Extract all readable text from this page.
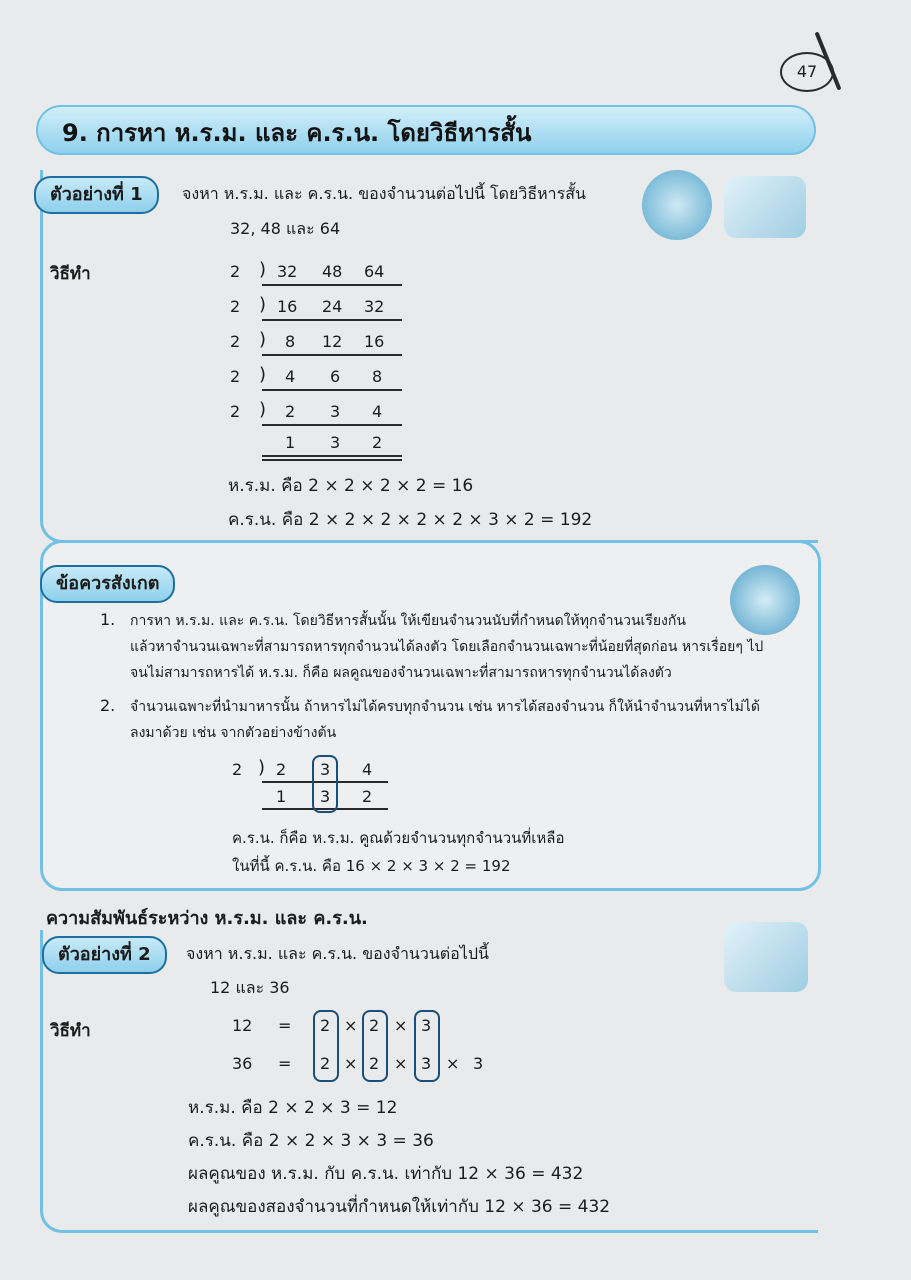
47
9. การหา ห.ร.ม. และ ค.ร.น. โดยวิธีหารสั้น
ตัวอย่างที่ 1	จงหา ห.ร.ม. และ ค.ร.น. ของจำนวนต่อไปนี้ โดยวิธีหารสั้น
32, 48 และ 64
วิธีทำ	2 ) 32 48 64
2 ) 16 24 32
2 ) 8 12 16
2 ) 4 6 8
2 ) 2 3 4
1 3 2
ห.ร.ม. คือ 2 × 2 × 2 × 2 = 16
ค.ร.น. คือ 2 × 2 × 2 × 2 × 2 × 3 × 2 = 192
ข้อควรสังเกต
1. การหา ห.ร.ม. และ ค.ร.น. โดยวิธีหารสั้นนั้น ให้เขียนจำนวนนับที่กำหนดให้ทุกจำนวนเรียงกัน
แล้วหาจำนวนเฉพาะที่สามารถหารทุกจำนวนได้ลงตัว โดยเลือกจำนวนเฉพาะที่น้อยที่สุดก่อน หารเรื่อยๆ ไป
จนไม่สามารถหารได้ ห.ร.ม. ก็คือ ผลคูณของจำนวนเฉพาะที่สามารถหารทุกจำนวนได้ลงตัว
2. จำนวนเฉพาะที่นำมาหารนั้น ถ้าหารไม่ได้ครบทุกจำนวน เช่น หารได้สองจำนวน ก็ให้นำจำนวนที่หารไม่ได้
ลงมาด้วย เช่น จากตัวอย่างข้างต้น
2 ) 2 3 4
1 3 2
ค.ร.น. ก็คือ ห.ร.ม. คูณด้วยจำนวนทุกจำนวนที่เหลือ
ในที่นี้ ค.ร.น. คือ 16 × 2 × 3 × 2 = 192
ความสัมพันธ์ระหว่าง ห.ร.ม. และ ค.ร.น.
ตัวอย่างที่ 2	จงหา ห.ร.ม. และ ค.ร.น. ของจำนวนต่อไปนี้
12 และ 36
วิธีทำ	12 = 2 × 2 × 3
36 = 2 × 2 × 3 × 3
ห.ร.ม. คือ 2 × 2 × 3 = 12
ค.ร.น. คือ 2 × 2 × 3 × 3 = 36
ผลคูณของ ห.ร.ม. กับ ค.ร.น. เท่ากับ 12 × 36 = 432
ผลคูณของสองจำนวนที่กำหนดให้เท่ากับ 12 × 36 = 432
